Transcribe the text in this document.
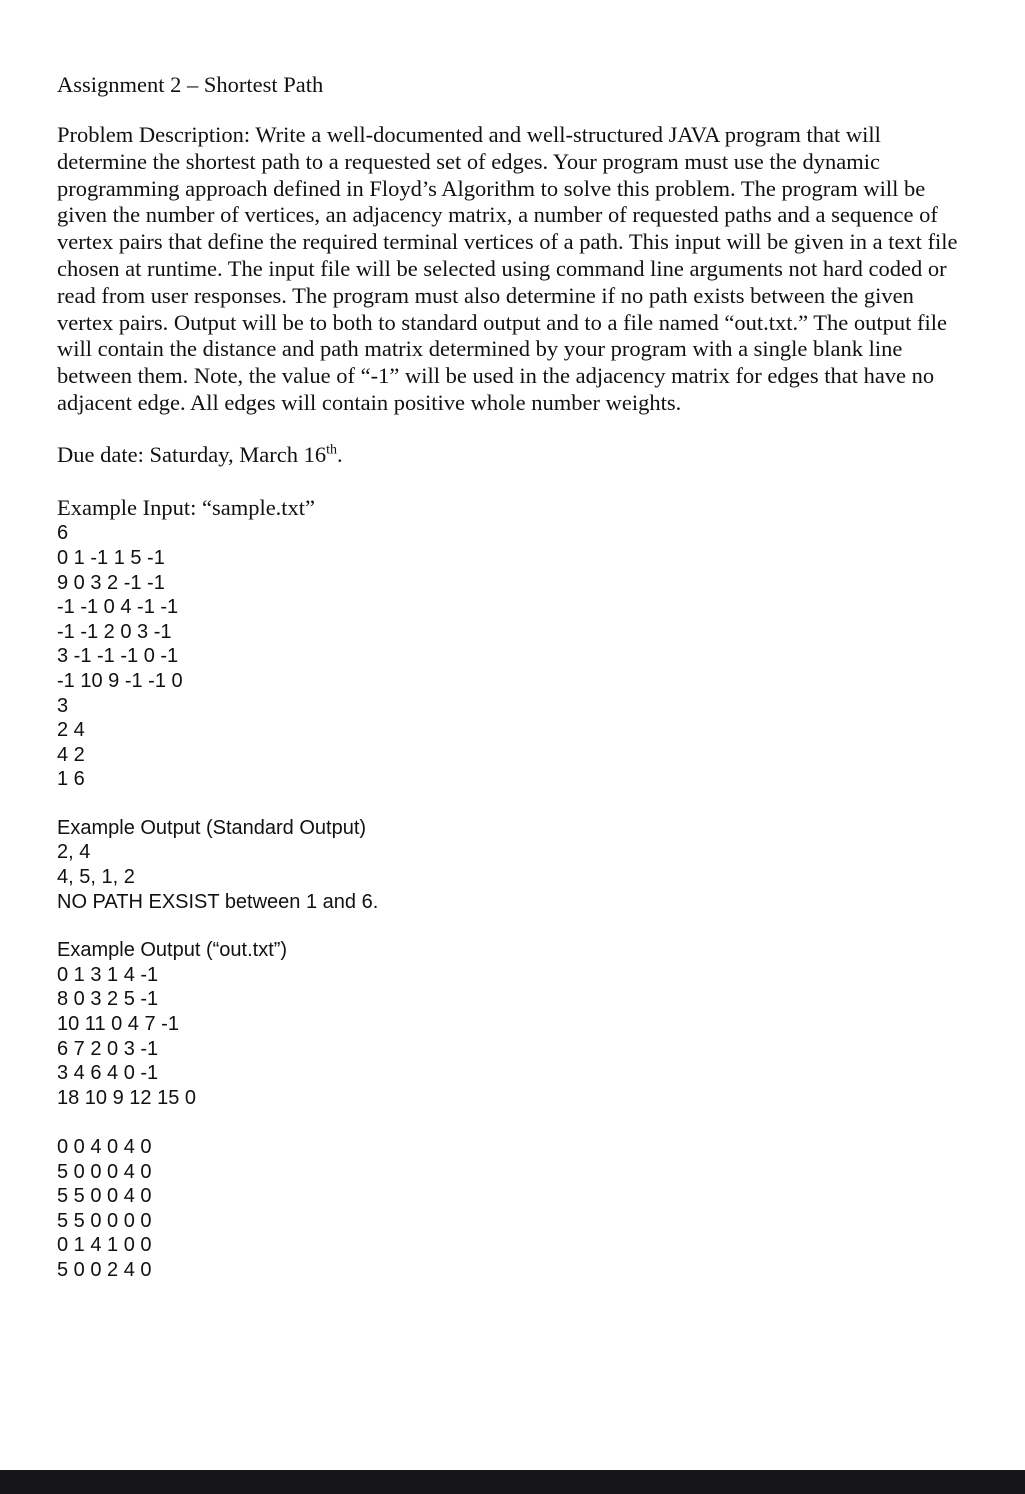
Assignment 2 – Shortest Path

Problem Description: Write a well-documented and well-structured JAVA program that will determine the shortest path to a requested set of edges. Your program must use the dynamic programming approach defined in Floyd’s Algorithm to solve this problem. The program will be given the number of vertices, an adjacency matrix, a number of requested paths and a sequence of vertex pairs that define the required terminal vertices of a path. This input will be given in a text file chosen at runtime. The input file will be selected using command line arguments not hard coded or read from user responses. The program must also determine if no path exists between the given vertex pairs. Output will be to both to standard output and to a file named “out.txt.” The output file will contain the distance and path matrix determined by your program with a single blank line between them. Note, the value of “-1” will be used in the adjacency matrix for edges that have no adjacent edge. All edges will contain positive whole number weights.

Due date: Saturday, March 16th.

Example Input: “sample.txt”

6
0 1 -1 1 5 -1
9 0 3 2 -1 -1
-1 -1 0 4 -1 -1
-1 -1 2 0 3 -1
3 -1 -1 -1 0 -1
-1 10 9 -1 -1 0
3
2 4
4 2
1 6

Example Output (Standard Output)

2, 4
4, 5, 1, 2
NO PATH EXSIST between 1 and 6.

Example Output (“out.txt”)

0 1 3 1 4 -1
8 0 3 2 5 -1
10 11 0 4 7 -1
6 7 2 0 3 -1
3 4 6 4 0 -1
18 10 9 12 15 0
0 0 4 0 4 0
5 0 0 0 4 0
5 5 0 0 4 0
5 5 0 0 0 0
0 1 4 1 0 0
5 0 0 2 4 0
